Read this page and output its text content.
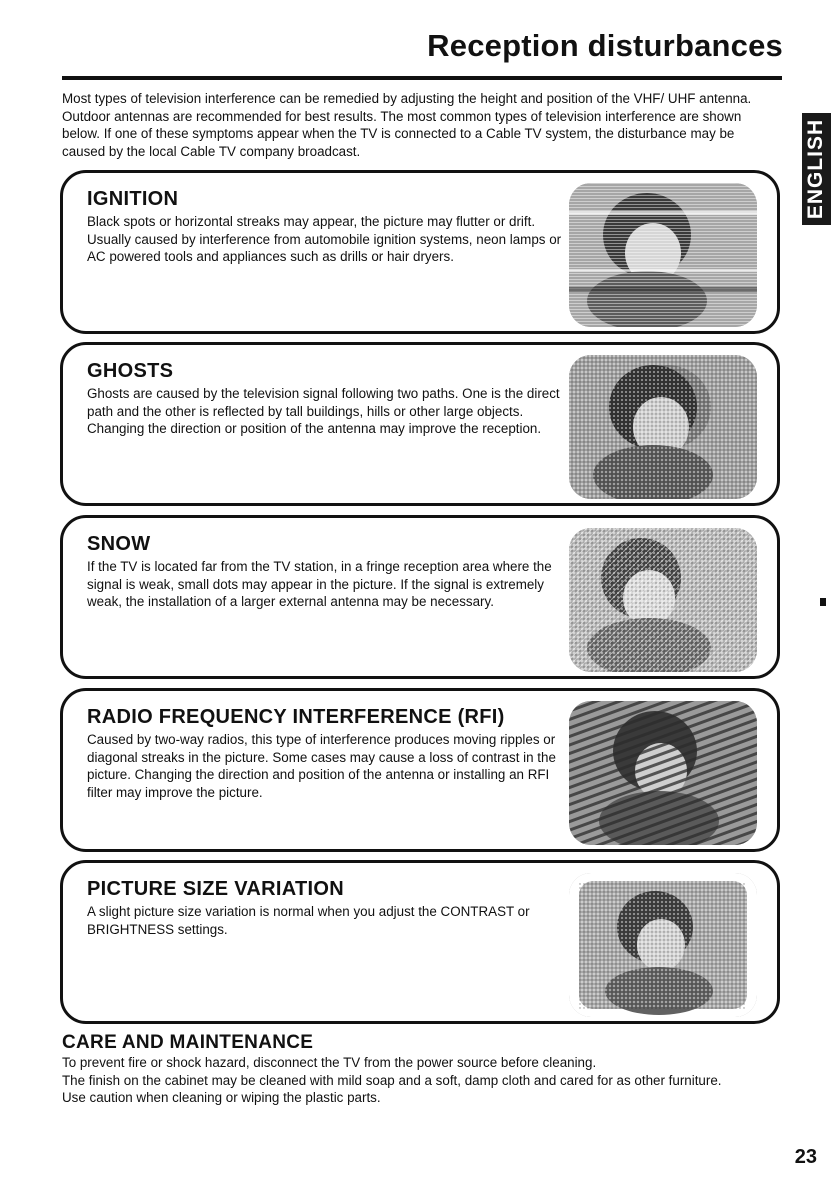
Reception disturbances
Most types of television interference can be remedied by adjusting the height and position of the VHF/ UHF antenna. Outdoor antennas are recommended for best results. The most common types of television interference are shown below. If one of these symptoms appear when the TV is connected to a Cable TV system, the disturbance may be caused by the local Cable TV company broadcast.	ENGLISH
IGNITION
Black spots or horizontal streaks may appear, the picture may flutter or drift. Usually caused by interference from automobile ignition systems, neon lamps or AC powered tools and appliances such as drills or hair dryers.
GHOSTS
Ghosts are caused by the television signal following two paths. One is the direct path and the other is reflected by tall buildings, hills or other large objects. Changing the direction or position of the antenna may improve the reception.
SNOW
If the TV is located far from the TV station, in a fringe reception area where the signal is weak, small dots may appear in the picture. If the signal is extremely weak, the installation of a larger external antenna may be necessary.
RADIO FREQUENCY INTERFERENCE (RFI)
Caused by two-way radios, this type of interference produces moving ripples or diagonal streaks in the picture. Some cases may cause a loss of contrast in the picture. Changing the direction and position of the antenna or installing an RFI filter may improve the picture.
PICTURE SIZE VARIATION
A slight picture size variation is normal when you adjust the CONTRAST or BRIGHTNESS settings.
CARE AND MAINTENANCE
To prevent fire or shock hazard, disconnect the TV from the power source before cleaning.
The finish on the cabinet may be cleaned with mild soap and a soft, damp cloth and cared for as other furniture.
Use caution when cleaning or wiping the plastic parts.
23
